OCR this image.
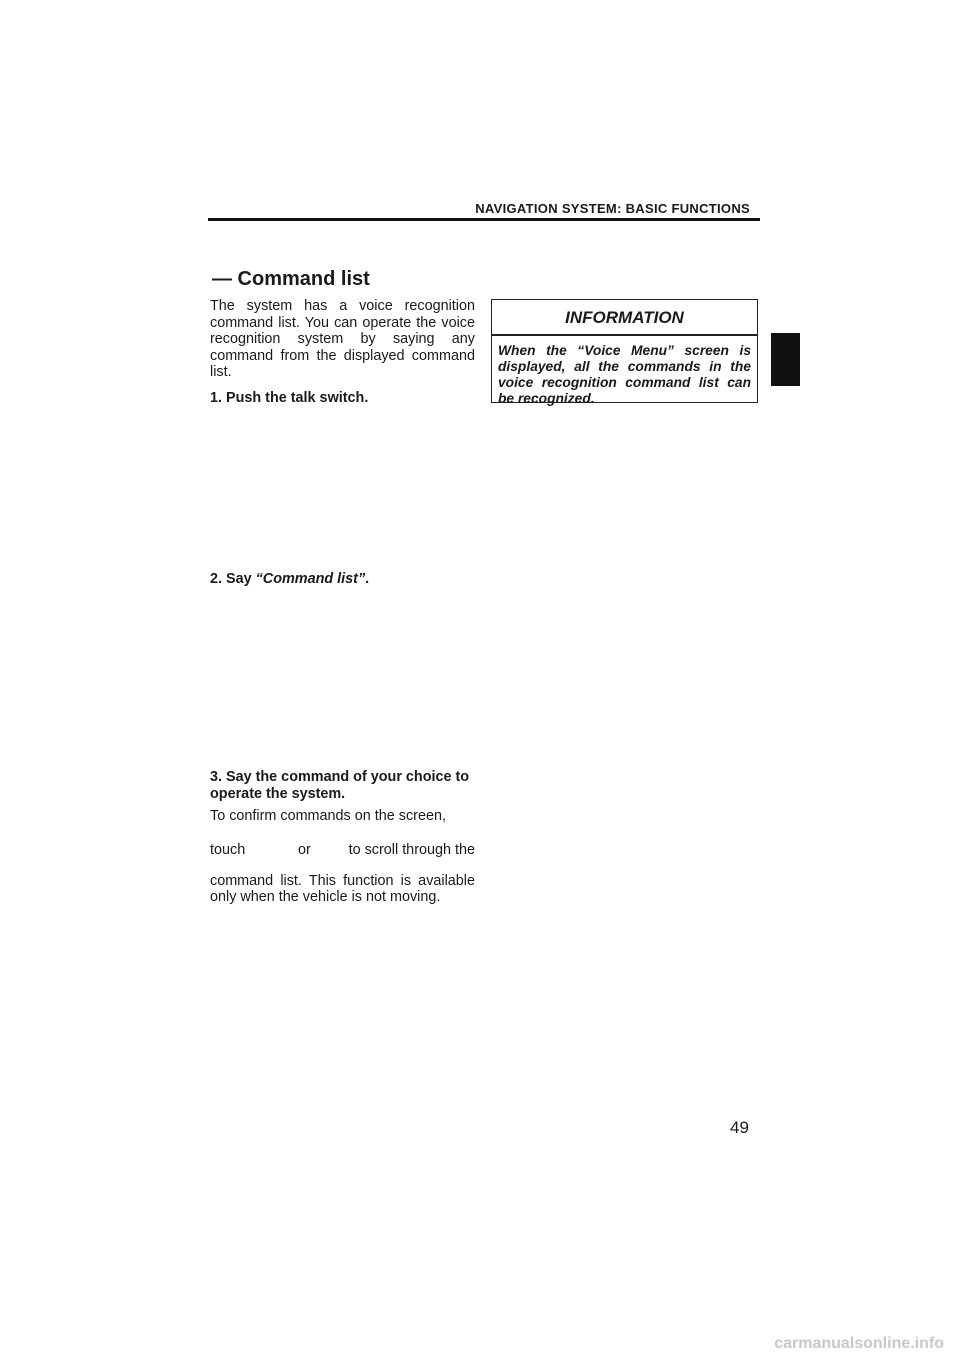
NAVIGATION SYSTEM: BASIC FUNCTIONS
— Command list

The system has a voice recognition command list. You can operate the voice recognition system by saying any command from the displayed command list.

1. Push the talk switch.

2. Say “Command list”.

3. Say the command of your choice to operate the system.

To confirm commands on the screen,

touch	or	to scroll through the

command list. This function is available only when the vehicle is not moving.

INFORMATION

When the “Voice Menu” screen is displayed, all the commands in the voice recognition command list can be recognized.

49
carmanualsonline.info
